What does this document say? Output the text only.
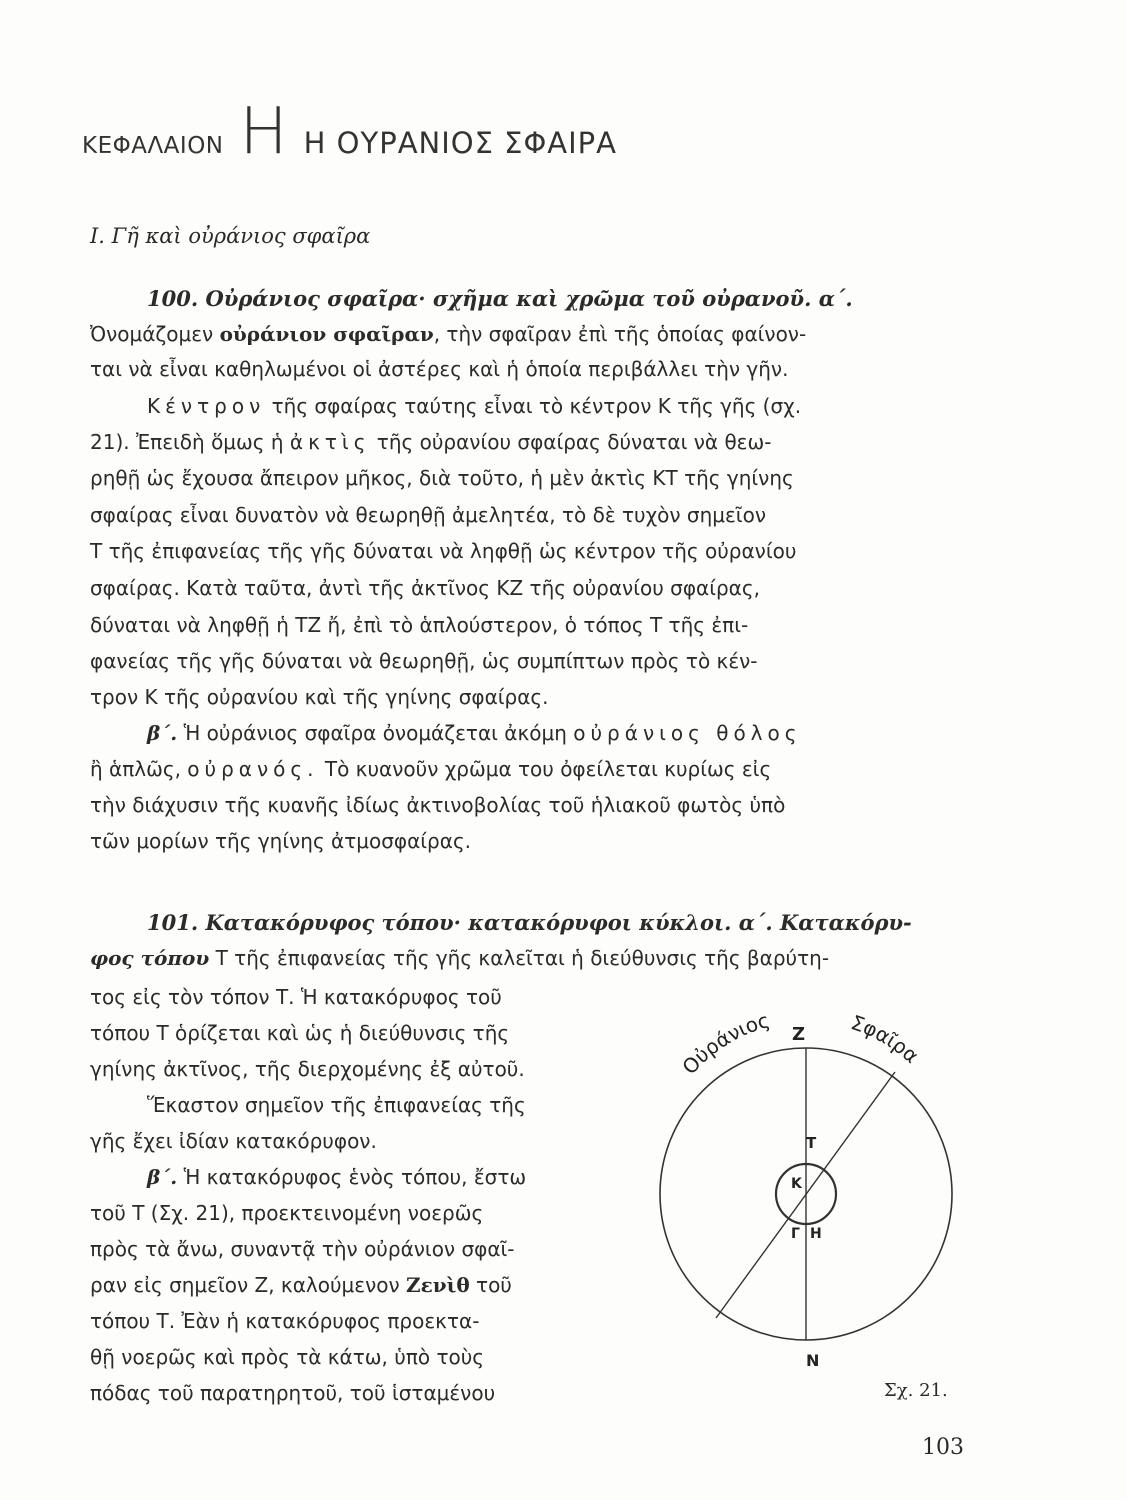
ΚΕΦΑΛΑΙΟΝ Η Η ΟΥΡΑΝΙΟΣ ΣΦΑΙΡΑ
Ι. Γῆ καὶ οὐράνιος σφαῖρα
100. Οὐράνιος σφαῖρα· σχῆμα καὶ χρῶμα τοῦ οὐρανοῦ. α΄.
Ὀνομάζομεν οὐράνιον σφαῖραν, τὴν σφαῖραν ἐπὶ τῆς ὁποίας φαίνον-
ται νὰ εἶναι καθηλωμένοι οἱ ἀστέρες καὶ ἡ ὁποία περιβάλλει τὴν γῆν.
Κέντρον τῆς σφαίρας ταύτης εἶναι τὸ κέντρον Κ τῆς γῆς (σχ.
21). Ἐπειδὴ ὅμως ἡ ἀκτὶς τῆς οὐρανίου σφαίρας δύναται νὰ θεω-
ρηθῇ ὡς ἔχουσα ἄπειρον μῆκος, διὰ τοῦτο, ἡ μὲν ἀκτὶς ΚΤ τῆς γηίνης
σφαίρας εἶναι δυνατὸν νὰ θεωρηθῇ ἀμελητέα, τὸ δὲ τυχὸν σημεῖον
Τ τῆς ἐπιφανείας τῆς γῆς δύναται νὰ ληφθῇ ὡς κέντρον τῆς οὐρανίου
σφαίρας. Κατὰ ταῦτα, ἀντὶ τῆς ἀκτῖνος ΚΖ τῆς οὐρανίου σφαίρας,
δύναται νὰ ληφθῇ ἡ ΤΖ ἤ, ἐπὶ τὸ ἁπλούστερον, ὁ τόπος Τ τῆς ἐπι-
φανείας τῆς γῆς δύναται νὰ θεωρηθῇ, ὡς συμπίπτων πρὸς τὸ κέν-
τρον Κ τῆς οὐρανίου καὶ τῆς γηίνης σφαίρας.
β΄. Ἡ οὐράνιος σφαῖρα ὀνομάζεται ἀκόμη οὐράνιος θόλος
ἢ ἁπλῶς, οὐρανός. Τὸ κυανοῦν χρῶμα του ὀφείλεται κυρίως εἰς
τὴν διάχυσιν τῆς κυανῆς ἰδίως ἀκτινοβολίας τοῦ ἡλιακοῦ φωτὸς ὑπὸ
τῶν μορίων τῆς γηίνης ἀτμοσφαίρας.
101. Κατακόρυφος τόπου· κατακόρυφοι κύκλοι. α΄. Κατακόρυ-
φος τόπου Τ τῆς ἐπιφανείας τῆς γῆς καλεῖται ἡ διεύθυνσις τῆς βαρύτη-
τος εἰς τὸν τόπον Τ. Ἡ κατακόρυφος τοῦ
τόπου Τ ὁρίζεται καὶ ὡς ἡ διεύθυνσις τῆς
γηίνης ἀκτῖνος, τῆς διερχομένης ἐξ αὐτοῦ.
Ἕκαστον σημεῖον τῆς ἐπιφανείας τῆς
γῆς ἔχει ἰδίαν κατακόρυφον.
β΄. Ἡ κατακόρυφος ἑνὸς τόπου, ἔστω
τοῦ Τ (Σχ. 21), προεκτεινομένη νοερῶς
πρὸς τὰ ἄνω, συναντᾷ τὴν οὐράνιον σφαῖ-
ραν εἰς σημεῖον Ζ, καλούμενον Ζενὶθ τοῦ
τόπου Τ. Ἐὰν ἡ κατακόρυφος προεκτα-
θῇ νοερῶς καὶ πρὸς τὰ κάτω, ὑπὸ τοὺς
πόδας τοῦ παρατηρητοῦ, τοῦ ἱσταμένου
Οὐράνιος	Σφαῖρα
Z
Τ
Κ
Γ Η
Ν
Σχ. 21.
103
